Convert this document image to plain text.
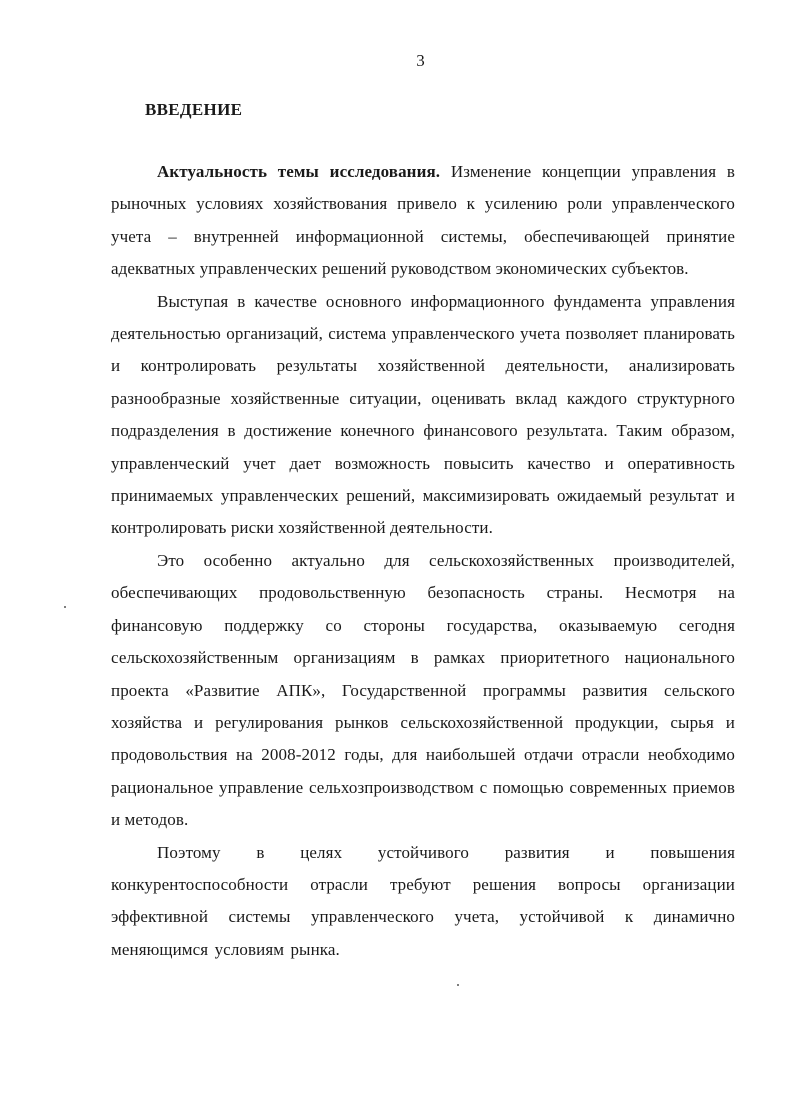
3
ВВЕДЕНИЕ

Актуальность темы исследования. Изменение концепции управления в рыночных условиях хозяйствования привело к усилению роли управленческого учета – внутренней информационной системы, обеспечивающей принятие адекватных управленческих решений руководством экономических субъектов.

Выступая в качестве основного информационного фундамента управления деятельностью организаций, система управленческого учета позволяет планировать и контролировать результаты хозяйственной деятельности, анализировать разнообразные хозяйственные ситуации, оценивать вклад каждого структурного подразделения в достижение конечного финансового результата. Таким образом, управленческий учет дает возможность повысить качество и оперативность принимаемых управленческих решений, максимизировать ожидаемый результат и контролировать риски хозяйственной деятельности.

Это особенно актуально для сельскохозяйственных производителей, обеспечивающих продовольственную безопасность страны. Несмотря на финансовую поддержку со стороны государства, оказываемую сегодня сельскохозяйственным организациям в рамках приоритетного национального проекта «Развитие АПК», Государственной программы развития сельского хозяйства и регулирования рынков сельскохозяйственной продукции, сырья и продовольствия на 2008-2012 годы, для наибольшей отдачи отрасли необходимо рациональное управление сельхозпроизводством с помощью современных приемов и методов.

Поэтому в целях устойчивого развития и повышения конкурентоспособности отрасли требуют решения вопросы организации эффективной системы управленческого учета, устойчивой к динамично меняющимся условиям рынка.
